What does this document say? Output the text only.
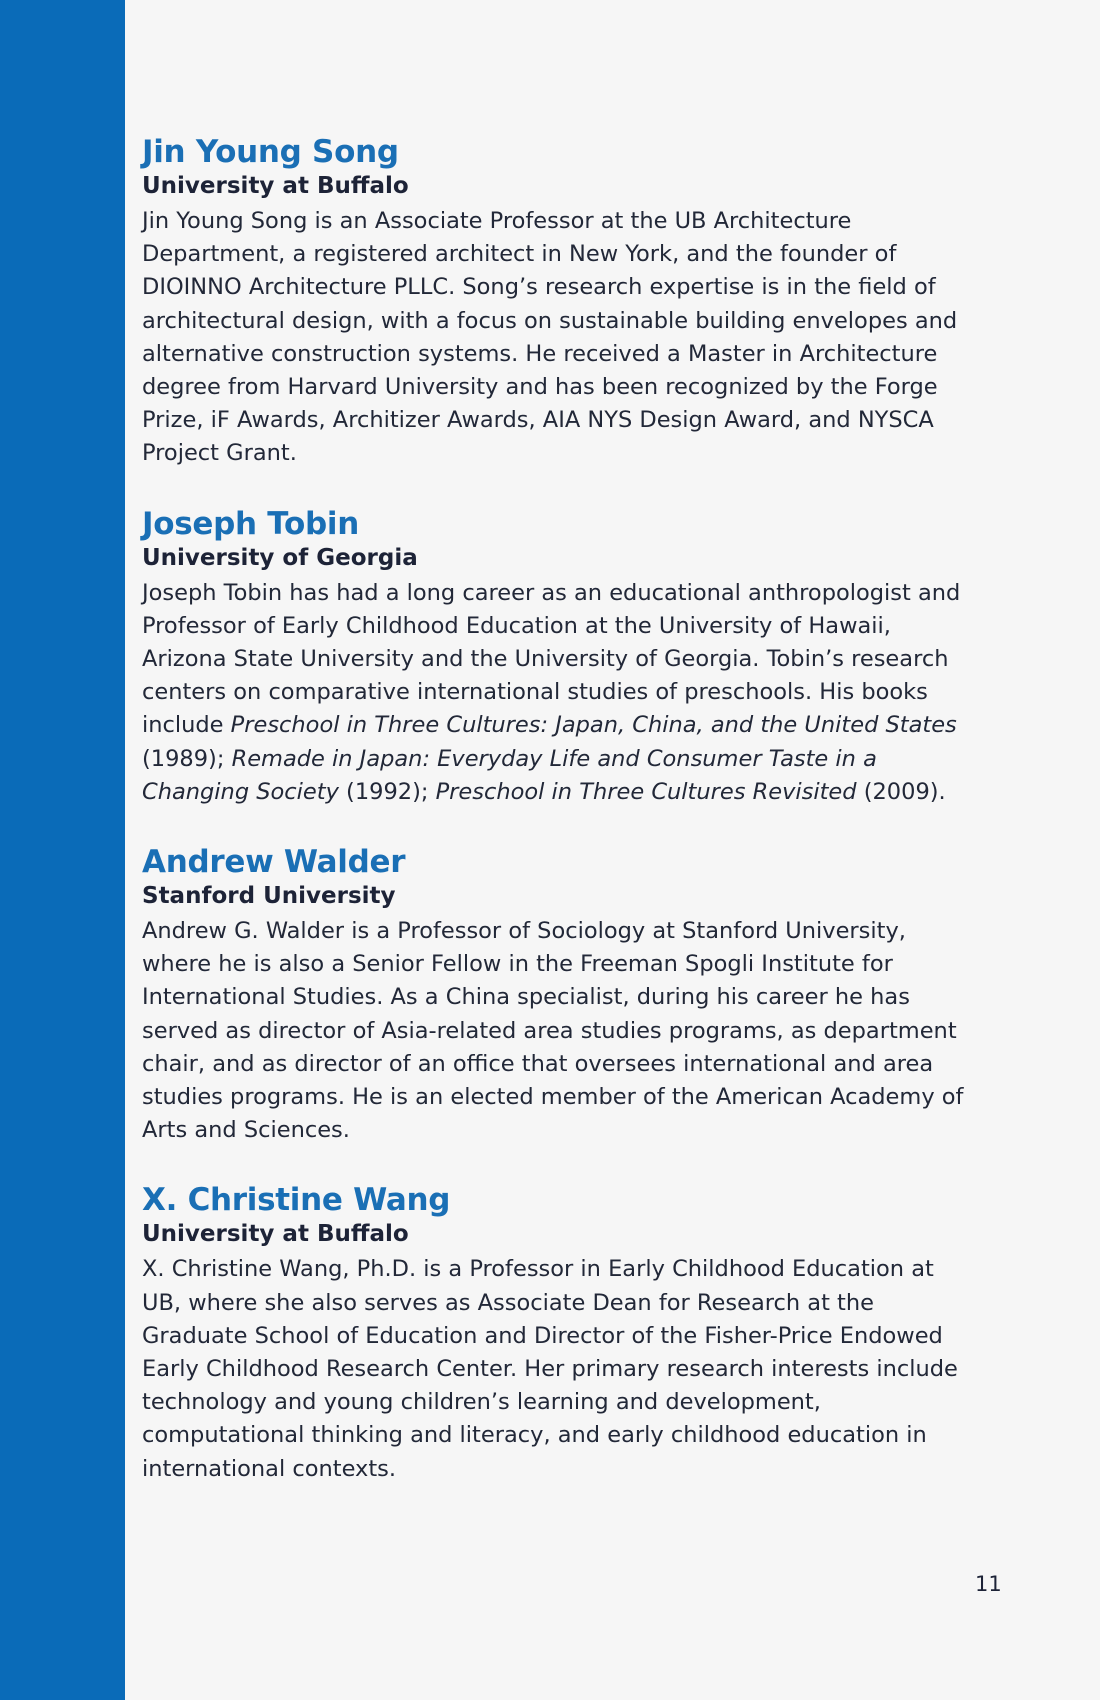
Jin Young Song
University at Buffalo

Jin Young Song is an Associate Professor at the UB Architecture Department, a registered architect in New York, and the founder of DIOINNO Architecture PLLC. Song’s research expertise is in the field of architectural design, with a focus on sustainable building envelopes and alternative construction systems. He received a Master in Architecture degree from Harvard University and has been recognized by the Forge Prize, iF Awards, Architizer Awards, AIA NYS Design Award, and NYSCA Project Grant.

Joseph Tobin
University of Georgia

Joseph Tobin has had a long career as an educational anthropologist and Professor of Early Childhood Education at the University of Hawaii, Arizona State University and the University of Georgia. Tobin’s research centers on comparative international studies of preschools. His books include Preschool in Three Cultures: Japan, China, and the United States (1989); Remade in Japan: Everyday Life and Consumer Taste in a Changing Society (1992); Preschool in Three Cultures Revisited (2009).

Andrew Walder
Stanford University

Andrew G. Walder is a Professor of Sociology at Stanford University, where he is also a Senior Fellow in the Freeman Spogli Institute for International Studies. As a China specialist, during his career he has served as director of Asia-related area studies programs, as department chair, and as director of an office that oversees international and area studies programs. He is an elected member of the American Academy of Arts and Sciences.

X. Christine Wang
University at Buffalo

X. Christine Wang, Ph.D. is a Professor in Early Childhood Education at UB, where she also serves as Associate Dean for Research at the Graduate School of Education and Director of the Fisher-Price Endowed Early Childhood Research Center. Her primary research interests include technology and young children’s learning and development, computational thinking and literacy, and early childhood education in international contexts.

11
